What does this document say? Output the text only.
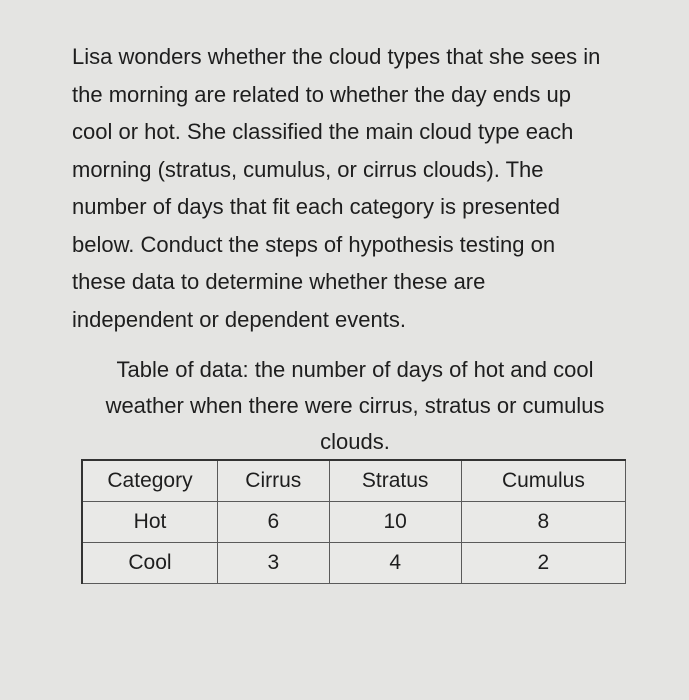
Lisa wonders whether the cloud types that she sees in
the morning are related to whether the day ends up
cool or hot. She classified the main cloud type each
morning (stratus, cumulus, or cirrus clouds). The
number of days that fit each category is presented
below. Conduct the steps of hypothesis testing on
these data to determine whether these are
independent or dependent events.
Table of data: the number of days of hot and cool
weather when there were cirrus, stratus or cumulus
clouds.
Category	Cirrus	Stratus	Cumulus
Hot	6	10	8
Cool	3	4	2
